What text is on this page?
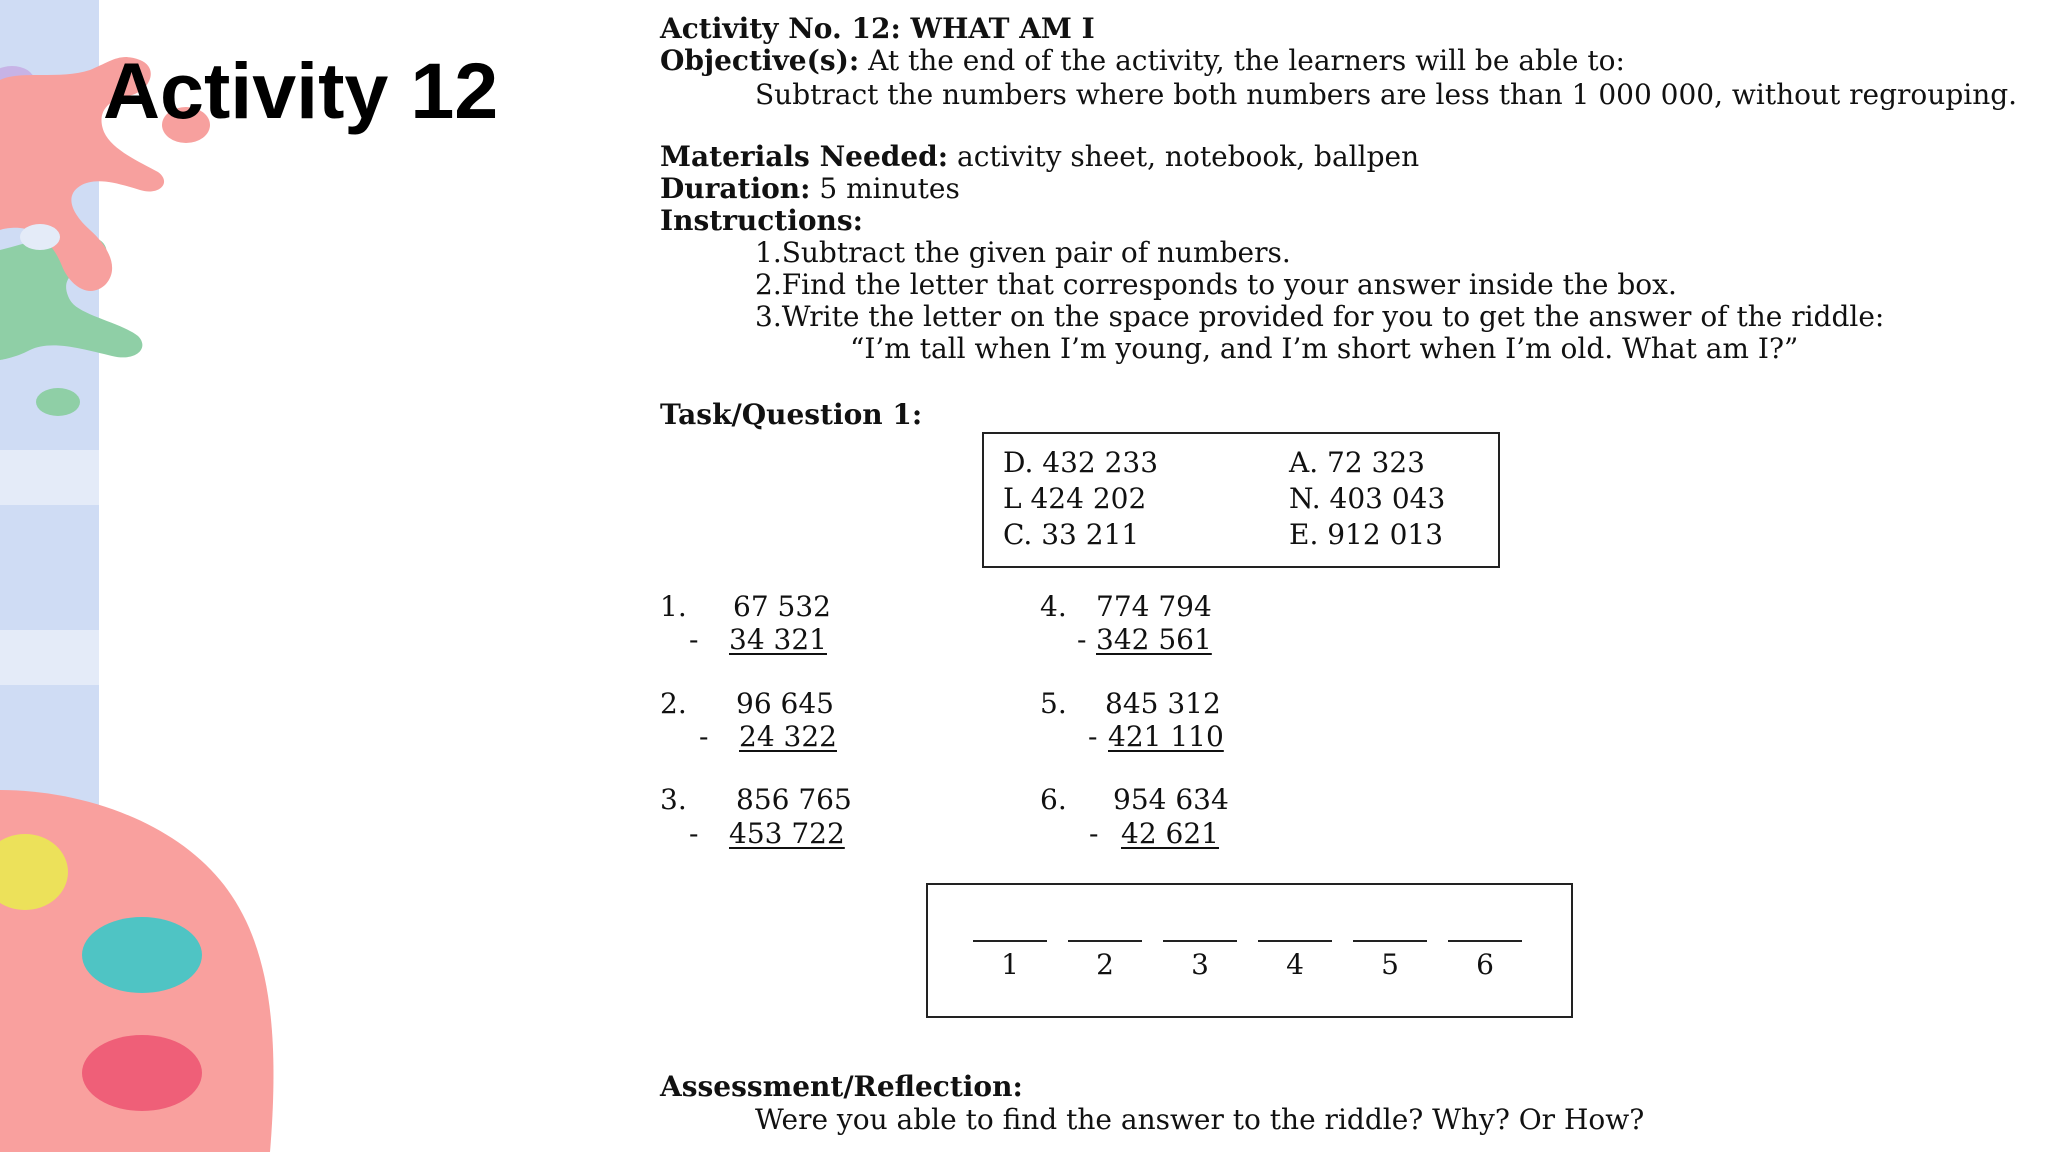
Activity 12
Activity No. 12: WHAT AM I
Objective(s): At the end of the activity, the learners will be able to:
Subtract the numbers where both numbers are less than 1 000 000, without regrouping.
Materials Needed: activity sheet, notebook, ballpen
Duration: 5 minutes
Instructions:
1.Subtract the given pair of numbers.
2.Find the letter that corresponds to your answer inside the box.
3.Write the letter on the space provided for you to get the answer of the riddle:
“I’m tall when I’m young, and I’m short when I’m old. What am I?”
Task/Question 1:
D. 432 233	A. 72 323
L 424 202	N. 403 043
C. 33 211	E. 912 013
1. 67 532
- 34 321
2. 96 645
- 24 322
3. 856 765
- 453 722
4. 774 794
- 342 561
5. 845 312
- 421 110
6. 954 634
- 42 621
1	2	3	4	5	6
Assessment/Reflection:
Were you able to find the answer to the riddle? Why? Or How?
